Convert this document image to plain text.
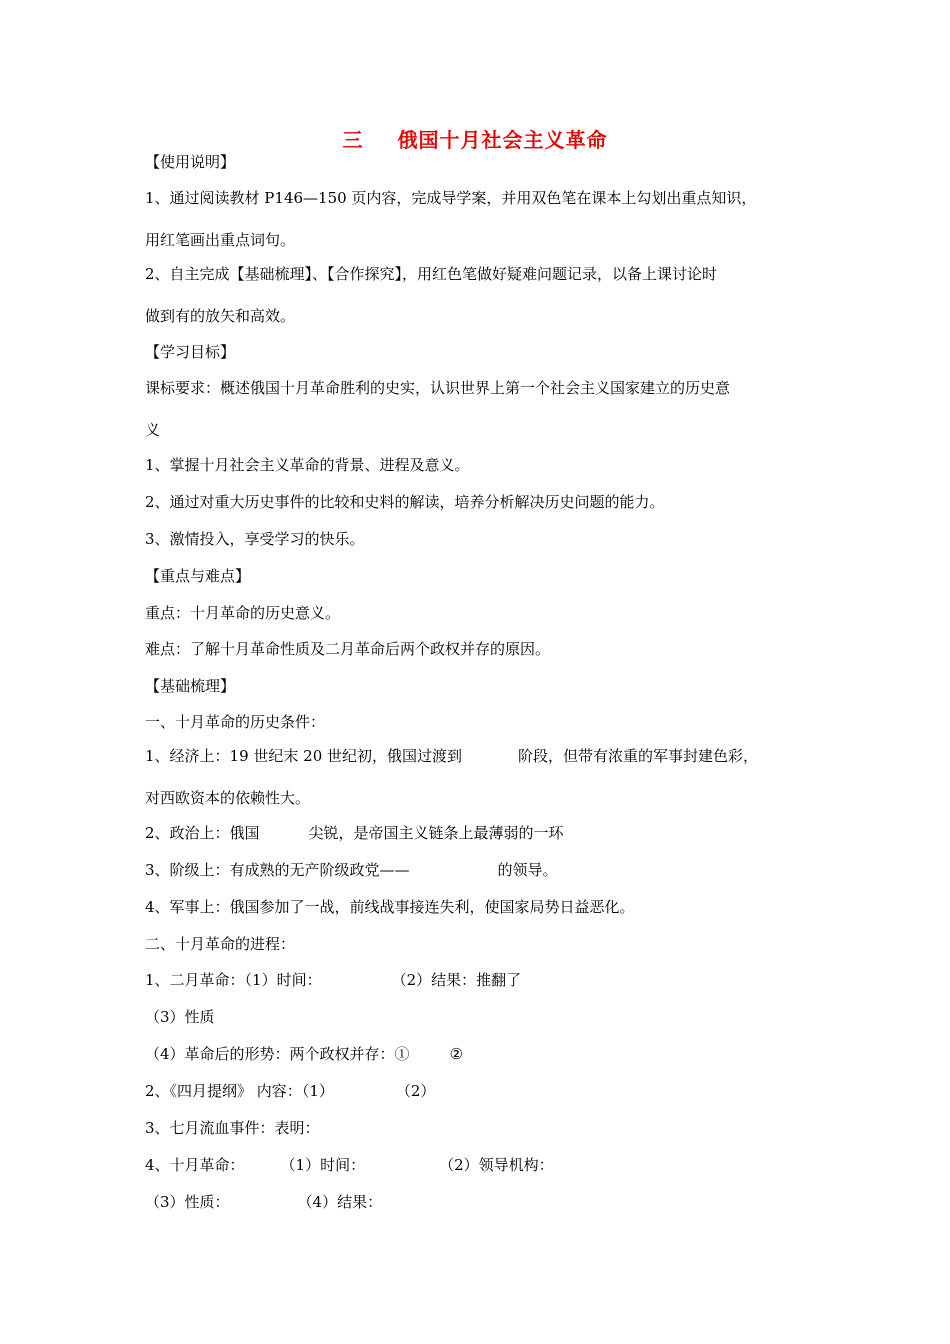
三 俄国十月社会主义革命
【使用说明】
1、通过阅读教材 P146—150 页内容，完成导学案，并用双色笔在课本上勾划出重点知识，
用红笔画出重点词句。
2、自主完成【基础梳理】、【合作探究】，用红色笔做好疑难问题记录，以备上课讨论时
做到有的放矢和高效。
【学习目标】
课标要求：概述俄国十月革命胜利的史实，认识世界上第一个社会主义国家建立的历史意
义
1、掌握十月社会主义革命的背景、进程及意义。
2、通过对重大历史事件的比较和史料的解读，培养分析解决历史问题的能力。
3、激情投入，享受学习的快乐。
【重点与难点】
重点：十月革命的历史意义。
难点：了解十月革命性质及二月革命后两个政权并存的原因。
【基础梳理】
一、十月革命的历史条件：
1、经济上：19 世纪末 20 世纪初，俄国过渡到	阶段，但带有浓重的军事封建色彩，
对西欧资本的依赖性大。
2、政治上：俄国	尖锐，是帝国主义链条上最薄弱的一环
3、阶级上：有成熟的无产阶级政党——	的领导。
4、军事上：俄国参加了一战，前线战事接连失利，使国家局势日益恶化。
二、十月革命的进程：
1、二月革命：（1）时间：	（2）结果：推翻了
（3）性质
（4）革命后的形势：两个政权并存：①	②
2、《四月提纲》 内容：（1）	（2）
3、七月流血事件：表明：
4、十月革命： （1）时间：	（2）领导机构：
（3）性质：	（4）结果：
